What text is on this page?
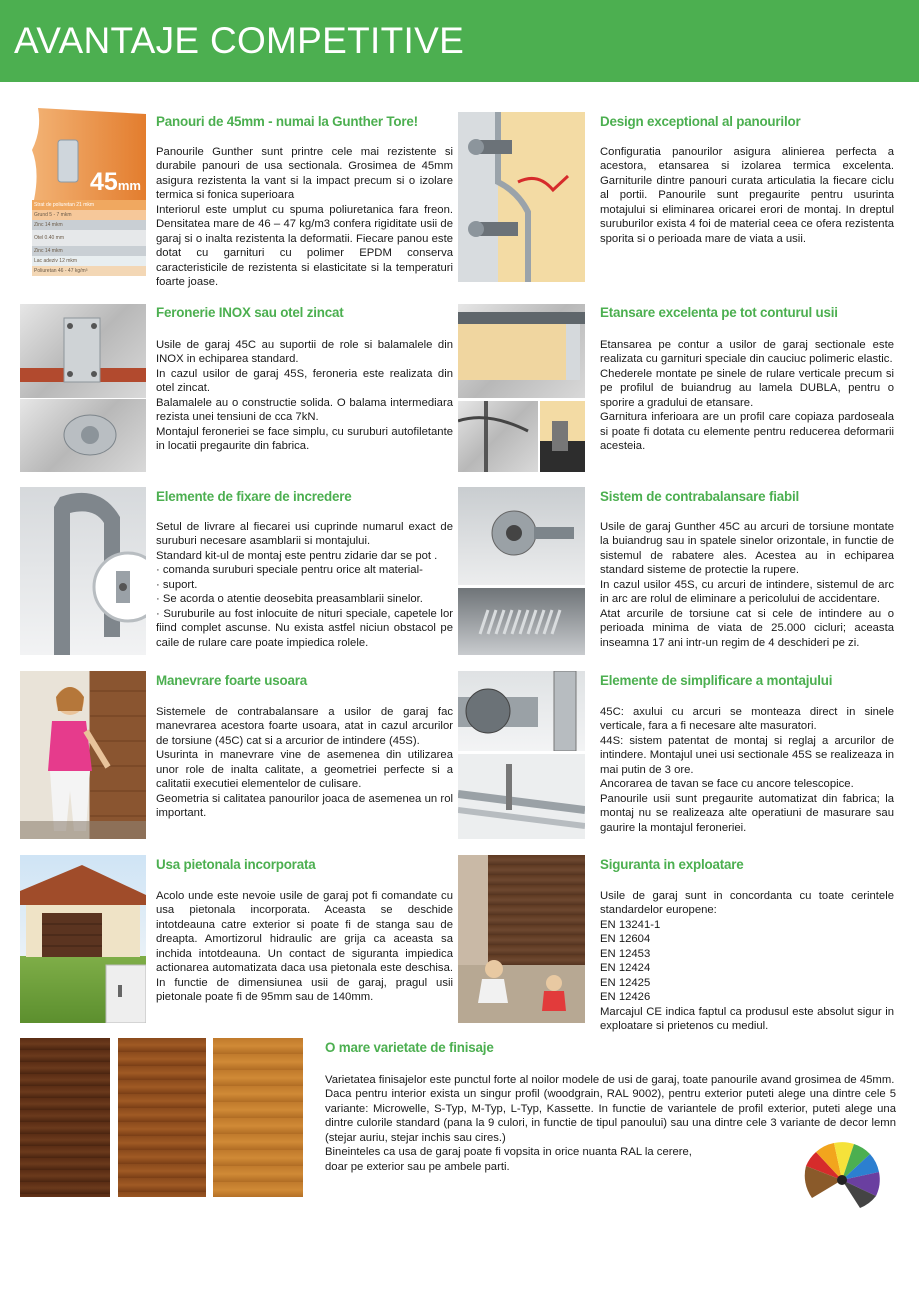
AVANTAJE COMPETITIVE
45mm
Strat de poliuretan 21 mkm
Grund 5 - 7 mkm
Zinc 14 mkm
Otel 0.40 mm
Zinc 14 mkm
Lac adeziv 12 mkm
Poliuretan 46 - 47 kg/m³
Panouri de 45mm - numai la Gunther Tore!

Panourile Gunther sunt printre cele mai rezistente si durabile panouri de usa sectionala. Grosimea de 45mm asigura rezistenta la vant si la impact precum si o izolare termica si fonica superioara

Interiorul este umplut cu spuma poliuretanica fara freon. Densitatea mare de 46 – 47 kg/m3 confera rigiditate usii de garaj si o inalta rezistenta la deformatii. Fiecare panou este dotat cu garnituri cu polimer EPDM conserva caracteristicile de rezistenta si elasticitate si la temperaturi foarte joase.

Design exceptional al panourilor

Configuratia panourilor asigura alinierea perfecta a acestora, etansarea si izolarea termica excelenta. Garniturile dintre panouri curata articulatia la fiecare ciclu al portii. Panourile sunt pregaurite pentru usurinta motajului si eliminarea oricarei erori de montaj. In dreptul suruburilor exista 4 foi de material ceea ce ofera rezistenta sporita si o perioada mare de viata a usii.

Feronerie INOX sau otel zincat

Usile de garaj 45C au suportii de role si balamalele din INOX in echiparea standard.

In cazul usilor de garaj 45S, feroneria este realizata din otel zincat.

Balamalele au o constructie solida. O balama intermediara rezista unei tensiuni de cca 7kN.

Montajul feroneriei se face simplu, cu suruburi autofiletante in locatii pregaurite din fabrica.

Etansare excelenta pe tot conturul usii

Etansarea pe contur a usilor de garaj sectionale este realizata cu garnituri speciale din cauciuc polimeric elastic.

Chederele montate pe sinele de rulare verticale precum si pe profilul de buiandrug au lamela DUBLA, pentru o sporire a gradului de etansare.

Garnitura inferioara are un profil care copiaza pardoseala si poate fi dotata cu elemente pentru reducerea deformarii acesteia.

Elemente de fixare de incredere

Setul de livrare al fiecarei usi cuprinde numarul exact de suruburi necesare asamblarii si montajului.

Standard kit-ul de montaj este pentru zidarie dar se pot .

· comanda suruburi speciale pentru orice alt material-

· suport.

· Se acorda o atentie deosebita preasamblarii sinelor.

· Suruburile au fost inlocuite de nituri speciale, capetele lor fiind complet ascunse. Nu exista astfel niciun obstacol pe caile de rulare care poate impiedica rolele.

Sistem de contrabalansare fiabil

Usile de garaj Gunther 45C au arcuri de torsiune montate la buiandrug sau in spatele sinelor orizontale, in functie de sistemul de rabatere ales. Acestea au in echiparea standard sisteme de protectie la rupere.

In cazul usilor 45S, cu arcuri de intindere, sistemul de arc in arc are rolul de eliminare a pericolului de accidentare.

Atat arcurile de torsiune cat si cele de intindere au o perioada minima de viata de 25.000 cicluri; aceasta inseamna 17 ani intr-un regim de 4 deschideri pe zi.

Manevrare foarte usoara

Sistemele de contrabalansare a usilor de garaj fac manevrarea acestora foarte usoara, atat in cazul arcurilor de torsiune (45C) cat si a arcurior de intindere (45S).

Usurinta in manevrare vine de asemenea din utilizarea unor role de inalta calitate, a geometriei perfecte si a calitatii executiei elementelor de culisare.

Geometria si calitatea panourilor joaca de asemenea un rol important.

Elemente de simplificare a montajului

45C: axului cu arcuri se monteaza direct in sinele verticale, fara a fi necesare alte masuratori.

44S: sistem patentat de montaj si reglaj a arcurilor de intindere. Montajul unei usi sectionale 45S se realizeaza in mai putin de 3 ore.

Ancorarea de tavan se face cu ancore telescopice.

Panourile usii sunt pregaurite automatizat din fabrica; la montaj nu se realizeaza alte operatiuni de masurare sau gaurire la montajul feroneriei.

Usa pietonala incorporata

Acolo unde este nevoie usile de garaj pot fi comandate cu usa pietonala incorporata. Aceasta se deschide intotdeauna catre exterior si poate fi de stanga sau de dreapta. Amortizorul hidraulic are grija ca aceasta sa inchida intotdeauna. Un contact de siguranta impiedica actionarea automatizata daca usa pietonala este deschisa. In functie de dimensiunea usii de garaj, pragul usii pietonale poate fi de 95mm sau de 140mm.

Siguranta in exploatare

Usile de garaj sunt in concordanta cu toate cerintele standardelor europene:

EN 13241-1

EN 12604

EN 12453

EN 12424

EN 12425

EN 12426

Marcajul CE indica faptul ca produsul este absolut sigur in exploatare si prietenos cu mediul.

O mare varietate de finisaje

Varietatea finisajelor este punctul forte al noilor modele de usi de garaj, toate panourile avand grosimea de 45mm.

Daca pentru interior exista un singur profil (woodgrain, RAL 9002), pentru exterior puteti alege una dintre cele 5 variante: Microwelle, S-Typ, M-Typ, L-Typ, Kassette. In functie de variantele de profil exterior, puteti alege una dintre culorile standard (pana la 9 culori, in functie de tipul panoului) sau una dintre cele 3 variante de decor lemn (stejar auriu, stejar inchis sau cires.)

Bineinteles ca usa de garaj poate fi vopsita in orice nuanta RAL la cerere,

doar pe exterior sau pe ambele parti.
